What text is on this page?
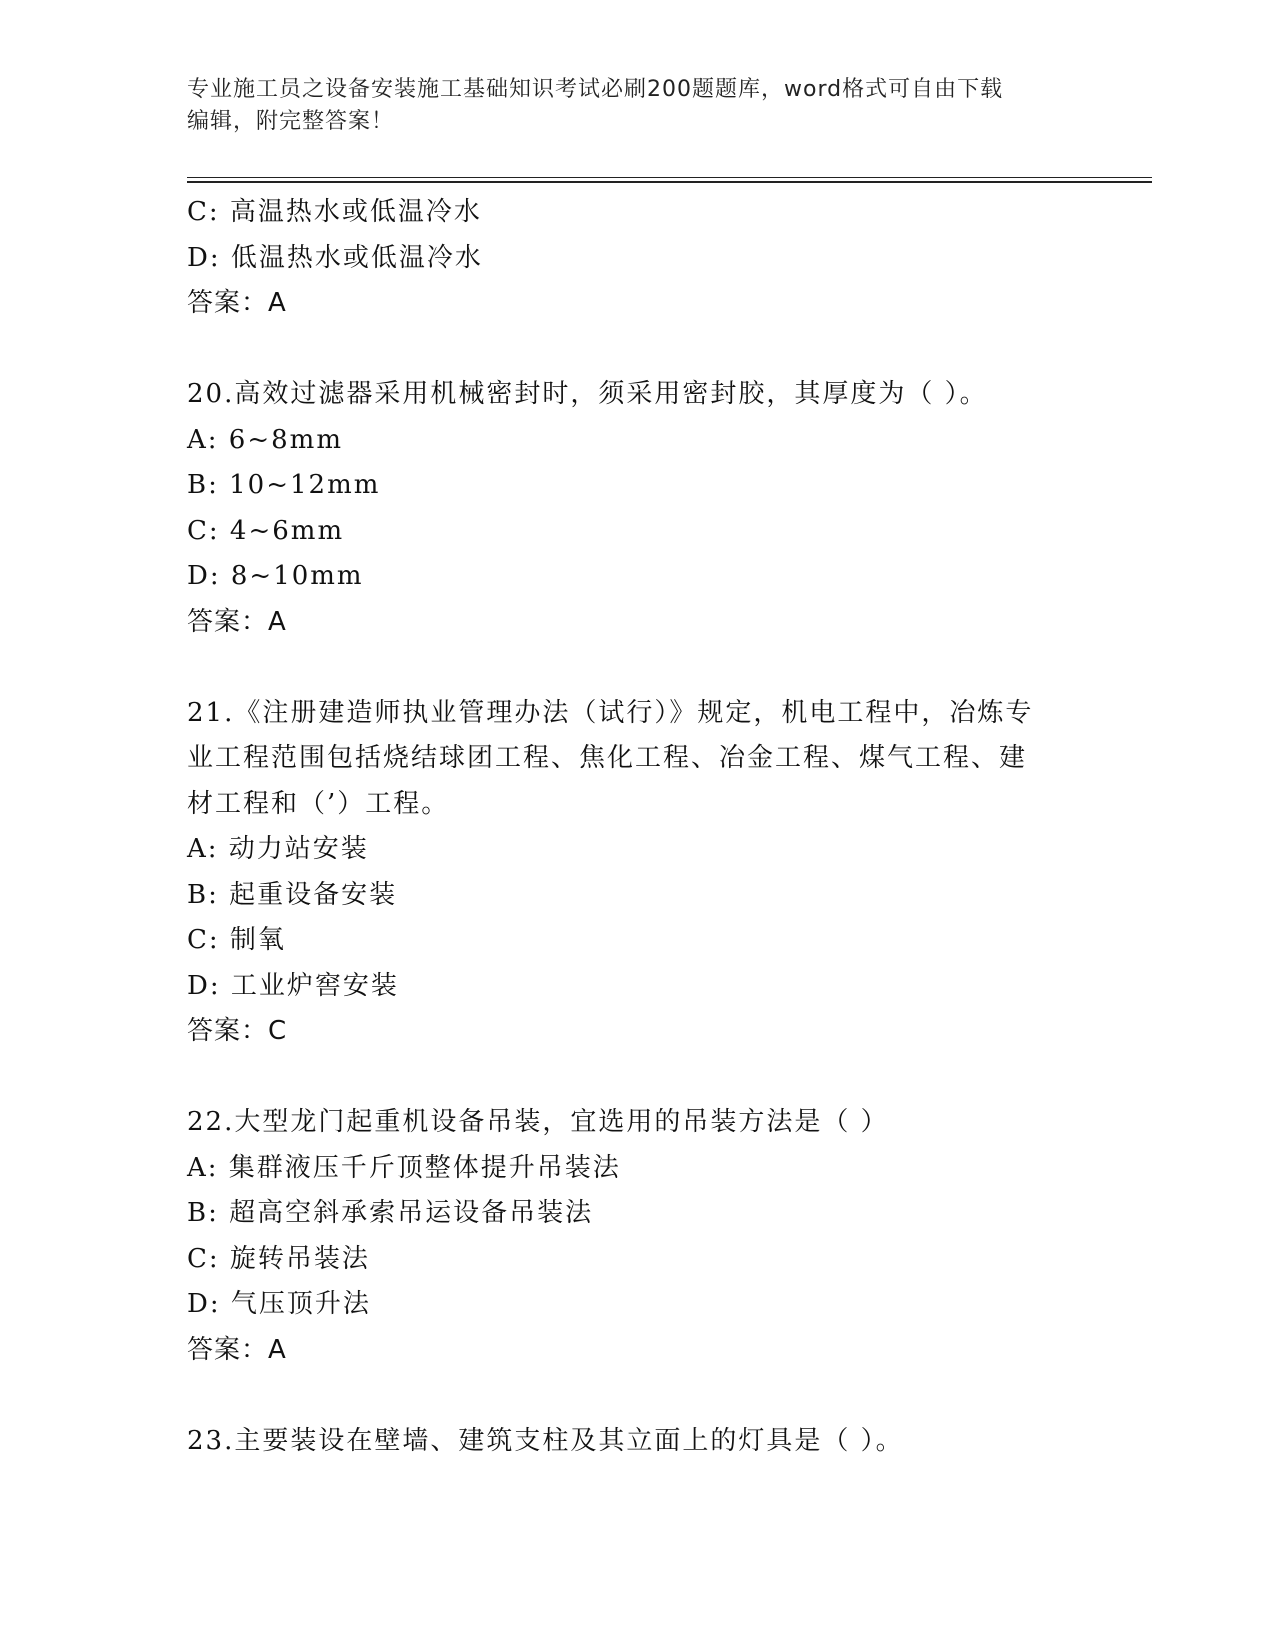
专业施工员之设备安装施工基础知识考试必刷200题题库，word格式可自由下载
编辑，附完整答案！
C: 高温热水或低温冷水
D: 低温热水或低温冷水
答案：A
20.高效过滤器采用机械密封时，须采用密封胶，其厚度为（ ）。
A: 6~8mm
B: 10~12mm
C: 4~6mm
D: 8~10mm
答案：A
21.《注册建造师执业管理办法（试行）》规定，机电工程中，冶炼专
业工程范围包括烧结球团工程、焦化工程、冶金工程、煤气工程、建
材工程和（’）工程。
A: 动力站安装
B: 起重设备安装
C: 制氧
D: 工业炉窖安装
答案：C
22.大型龙门起重机设备吊装，宜选用的吊装方法是（ ）
A: 集群液压千斤顶整体提升吊装法
B: 超高空斜承索吊运设备吊装法
C: 旋转吊装法
D: 气压顶升法
答案：A
23.主要装设在壁墙、建筑支柱及其立面上的灯具是（ ）。
